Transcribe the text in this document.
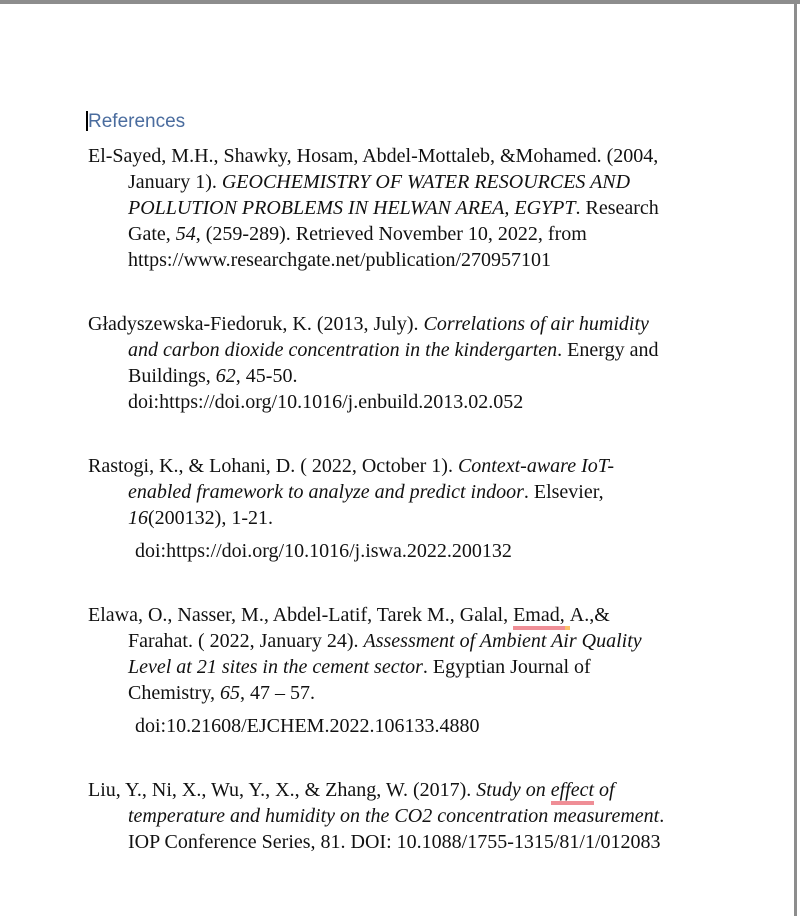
References
El-Sayed, M.H., Shawky, Hosam, Abdel-Mottaleb, &Mohamed. (2004,
January 1). GEOCHEMISTRY OF WATER RESOURCES AND
POLLUTION PROBLEMS IN HELWAN AREA, EGYPT. Research
Gate, 54, (259-289). Retrieved November 10, 2022, from
https://www.researchgate.net/publication/270957101
Gładyszewska-Fiedoruk, K. (2013, July). Correlations of air humidity
and carbon dioxide concentration in the kindergarten. Energy and
Buildings, 62, 45-50.
doi:https://doi.org/10.1016/j.enbuild.2013.02.052
Rastogi, K., & Lohani, D. ( 2022, October 1). Context-aware IoT-
enabled framework to analyze and predict indoor. Elsevier,
16(200132), 1-21.
doi:https://doi.org/10.1016/j.iswa.2022.200132
Elawa, O., Nasser, M., Abdel-Latif, Tarek M., Galal, Emad, A.,&
Farahat. ( 2022, January 24). Assessment of Ambient Air Quality
Level at 21 sites in the cement sector. Egyptian Journal of
Chemistry, 65, 47 – 57.
doi:10.21608/EJCHEM.2022.106133.4880
Liu, Y., Ni, X., Wu, Y., X., & Zhang, W. (2017). Study on effect of
temperature and humidity on the CO2 concentration measurement.
IOP Conference Series, 81. DOI: 10.1088/1755-1315/81/1/012083
